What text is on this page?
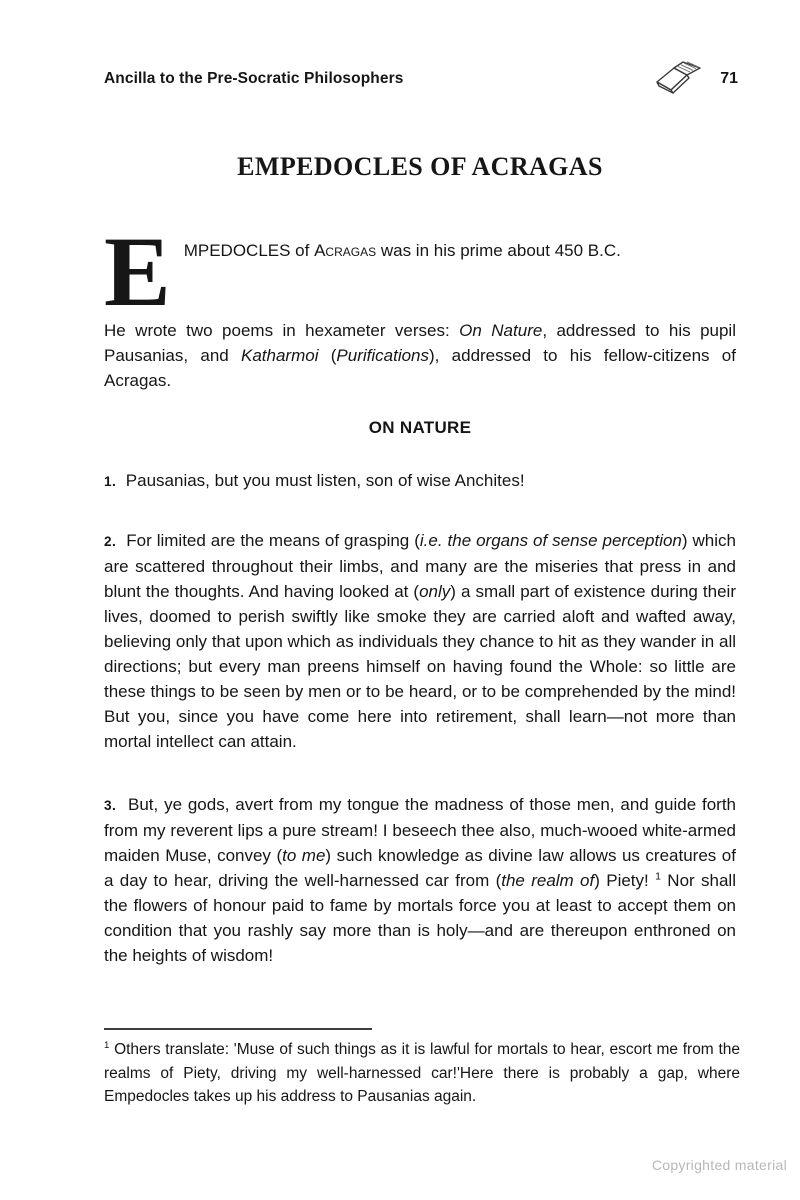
Ancilla to the Pre-Socratic Philosophers	71
EMPEDOCLES OF ACRAGAS
E MPEDOCLES of Acragas was in his prime about 450 B.C.
He wrote two poems in hexameter verses: On Nature, addressed to his pupil Pausanias, and Katharmoi (Purifications), addressed to his fellow-citizens of Acragas.
ON NATURE
1.  Pausanias, but you must listen, son of wise Anchites!
2.  For limited are the means of grasping (i.e. the organs of sense perception) which are scattered throughout their limbs, and many are the miseries that press in and blunt the thoughts. And having looked at (only) a small part of existence during their lives, doomed to perish swiftly like smoke they are carried aloft and wafted away, believing only that upon which as individuals they chance to hit as they wander in all directions; but every man preens himself on having found the Whole: so little are these things to be seen by men or to be heard, or to be comprehended by the mind! But you, since you have come here into retirement, shall learn—not more than mortal intellect can attain.
3.  But, ye gods, avert from my tongue the madness of those men, and guide forth from my reverent lips a pure stream! I beseech thee also, much-wooed white-armed maiden Muse, convey (to me) such knowledge as divine law allows us creatures of a day to hear, driving the well-harnessed car from (the realm of) Piety! $^1$ Nor shall the flowers of honour paid to fame by mortals force you at least to accept them on condition that you rashly say more than is holy—and are thereupon enthroned on the heights of wisdom!
$^1$ Others translate: 'Muse of such things as it is lawful for mortals to hear, escort me from the realms of Piety, driving my well-harnessed car!'Here there is probably a gap, where Empedocles takes up his address to Pausanias again.
Copyrighted material
